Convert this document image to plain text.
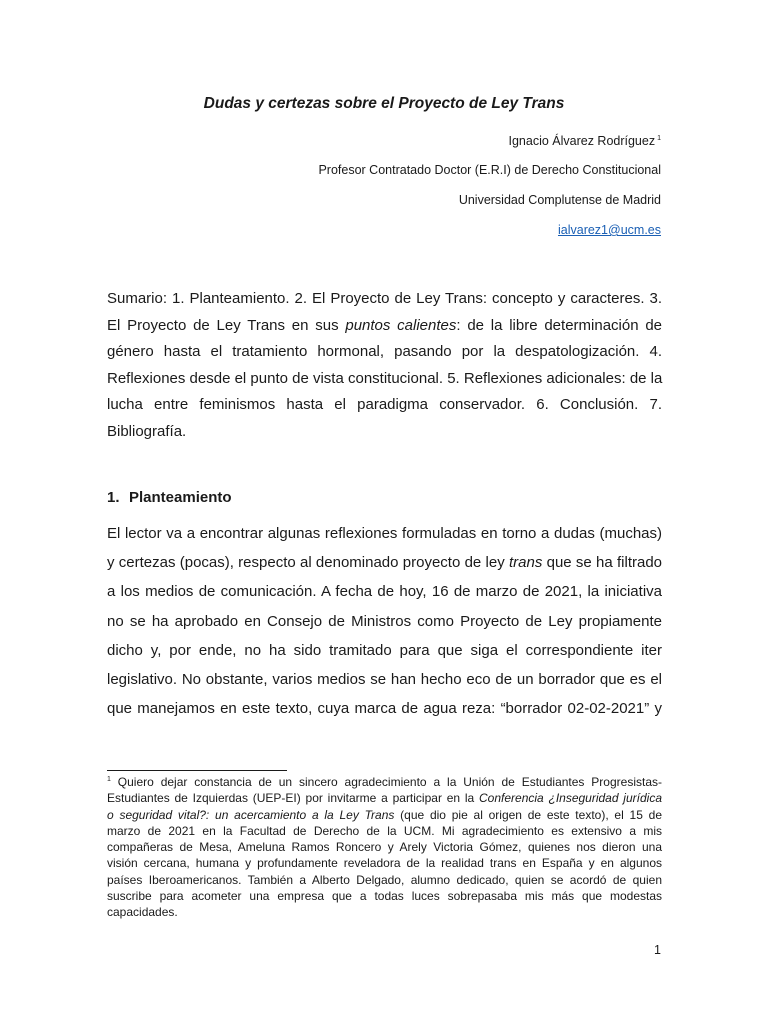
Dudas y certezas sobre el Proyecto de Ley Trans
Ignacio Álvarez Rodríguez $^1$
Profesor Contratado Doctor (E.R.I) de Derecho Constitucional
Universidad Complutense de Madrid
ialvarez1@ucm.es

Sumario: 1. Planteamiento. 2. El Proyecto de Ley Trans: concepto y caracteres. 3.
El Proyecto de Ley Trans en sus puntos calientes: de la libre determinación de
género hasta el tratamiento hormonal, pasando por la despatologización. 4.
Reflexiones desde el punto de vista constitucional. 5. Reflexiones adicionales: de la
lucha entre feminismos hasta el paradigma conservador. 6. Conclusión. 7.
Bibliografía.

1. Planteamiento

El lector va a encontrar algunas reflexiones formuladas en torno a dudas (muchas)
y certezas (pocas), respecto al denominado proyecto de ley trans que se ha filtrado
a los medios de comunicación. A fecha de hoy, 16 de marzo de 2021, la iniciativa
no se ha aprobado en Consejo de Ministros como Proyecto de Ley propiamente
dicho y, por ende, no ha sido tramitado para que siga el correspondiente iter
legislativo. No obstante, varios medios se han hecho eco de un borrador que es el
que manejamos en este texto, cuya marca de agua reza: “borrador 02-02-2021” y

$^1$ Quiero dejar constancia de un sincero agradecimiento a la Unión de Estudiantes Progresistas-
Estudiantes de Izquierdas (UEP-EI) por invitarme a participar en la Conferencia ¿Inseguridad jurídica
o seguridad vital?: un acercamiento a la Ley Trans (que dio pie al origen de este texto), el 15 de
marzo de 2021 en la Facultad de Derecho de la UCM. Mi agradecimiento es extensivo a mis
compañeras de Mesa, Ameluna Ramos Roncero y Arely Victoria Gómez, quienes nos dieron una
visión cercana, humana y profundamente reveladora de la realidad trans en España y en algunos
países Iberoamericanos. También a Alberto Delgado, alumno dedicado, quien se acordó de quien
suscribe para acometer una empresa que a todas luces sobrepasaba mis más que modestas
capacidades.
1
